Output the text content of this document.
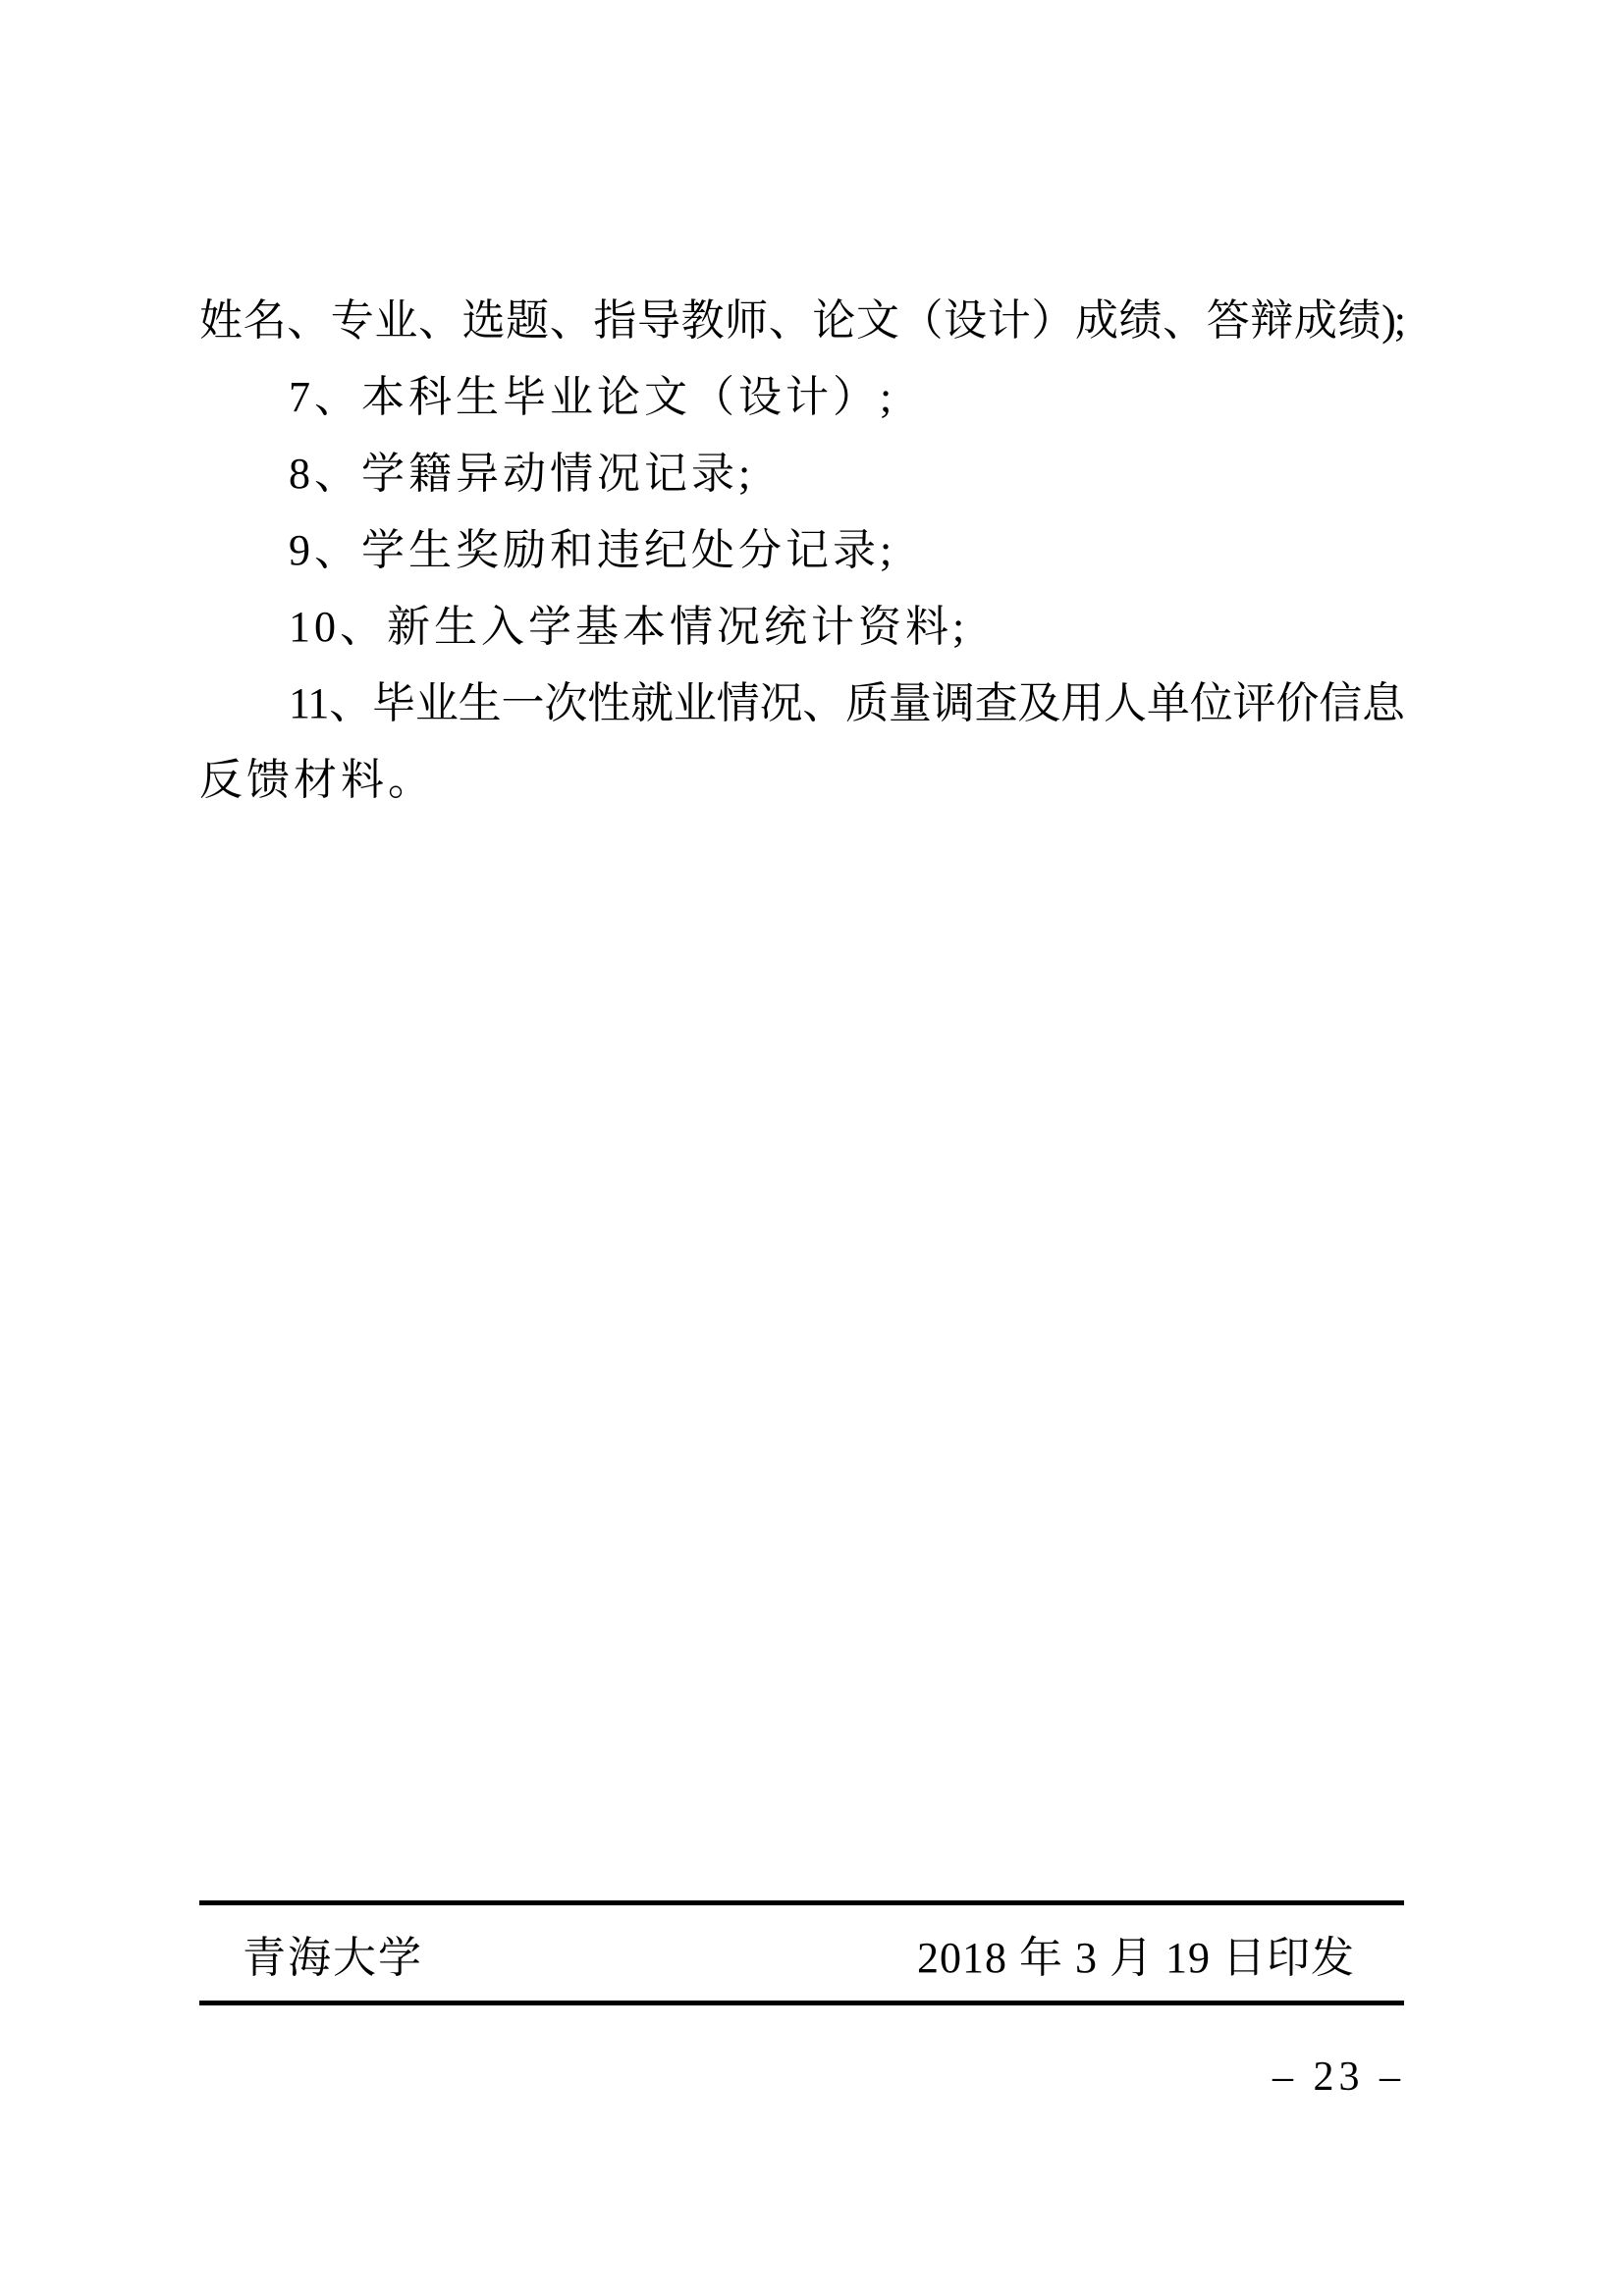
姓名、专业、选题、指导教师、论文（设计）成绩、答辩成绩);

7、本科生毕业论文（设计）;

8、学籍异动情况记录;

9、学生奖励和违纪处分记录;

10、新生入学基本情况统计资料;

11、毕业生一次性就业情况、质量调查及用人单位评价信息

反馈材料。

青海大学	2018 年 3 月 19 日印发
– 23 –
